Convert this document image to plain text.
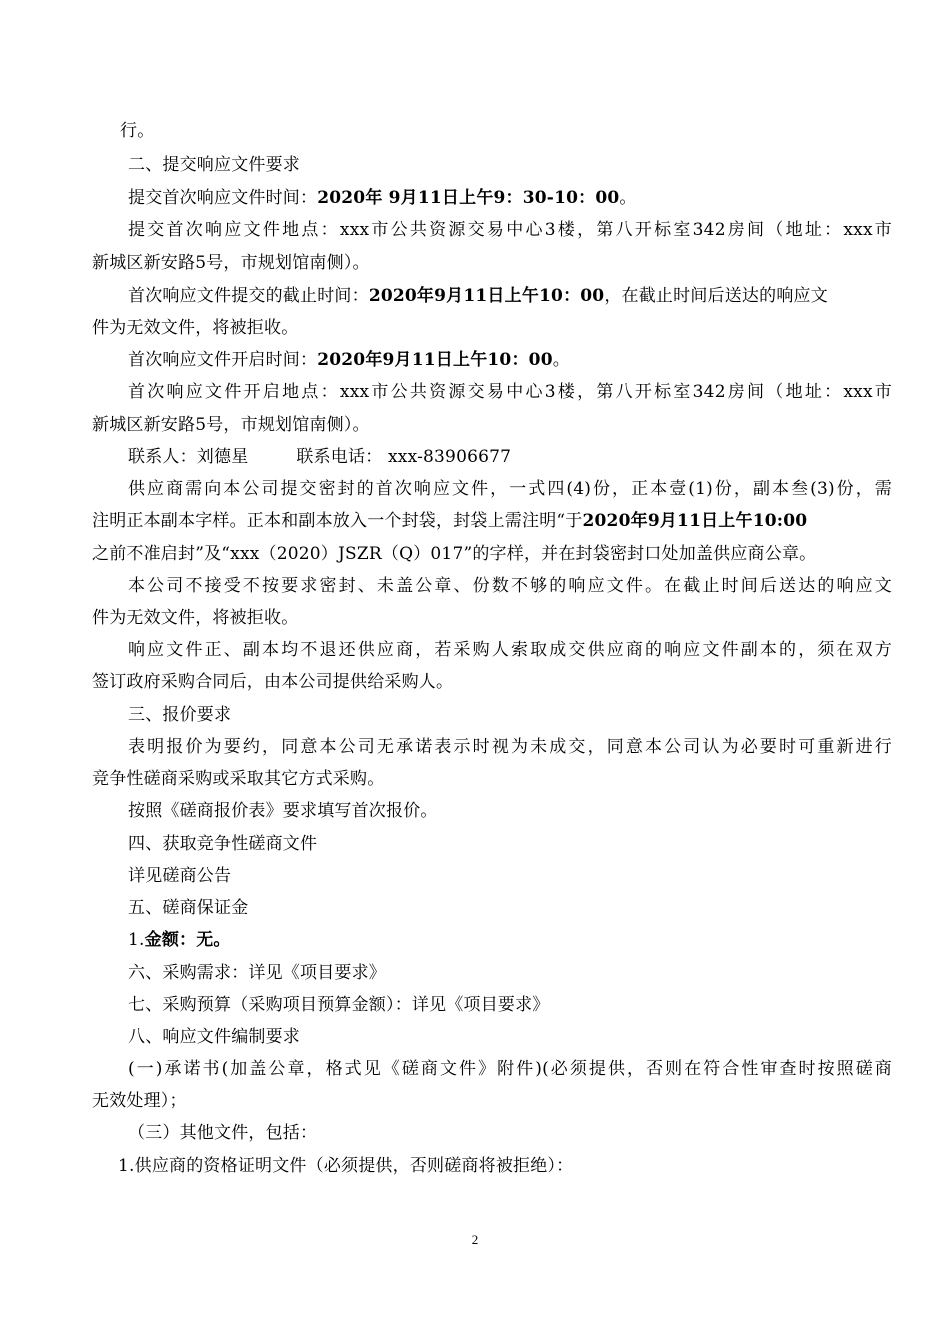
行。
二、提交响应文件要求
提交首次响应文件时间：2020年 9月11日上午9：30-10：00。
提交首次响应文件地点：xxx市公共资源交易中心3楼，第八开标室342房间（地址：xxx市
新城区新安路5号，市规划馆南侧）。
首次响应文件提交的截止时间：2020年9月11日上午10：00，在截止时间后送达的响应文
件为无效文件，将被拒收。
首次响应文件开启时间：2020年9月11日上午10：00。
首次响应文件开启地点：xxx市公共资源交易中心3楼，第八开标室342房间（地址：xxx市
新城区新安路5号，市规划馆南侧）。
联系人：刘德星	联系电话： xxx-83906677
供应商需向本公司提交密封的首次响应文件，一式四(4)份，正本壹(1)份，副本叁(3)份，需
注明正本副本字样。正本和副本放入一个封袋，封袋上需注明“于2020年9月11日上午10:00
之前不准启封”及“xxx（2020）JSZR（Q）017”的字样，并在封袋密封口处加盖供应商公章。
本公司不接受不按要求密封、未盖公章、份数不够的响应文件。在截止时间后送达的响应文
件为无效文件，将被拒收。
响应文件正、副本均不退还供应商，若采购人索取成交供应商的响应文件副本的，须在双方
签订政府采购合同后，由本公司提供给采购人。
三、报价要求
表明报价为要约，同意本公司无承诺表示时视为未成交，同意本公司认为必要时可重新进行
竞争性磋商采购或采取其它方式采购。
按照《磋商报价表》要求填写首次报价。
四、获取竞争性磋商文件
详见磋商公告
五、磋商保证金
1.金额：无。
六、采购需求：详见《项目要求》
七、采购预算（采购项目预算金额）：详见《项目要求》
八、响应文件编制要求
(一)承诺书(加盖公章，格式见《磋商文件》附件)(必须提供，否则在符合性审查时按照磋商
无效处理）；
（三）其他文件，包括：
1.供应商的资格证明文件（必须提供，否则磋商将被拒绝）：
2
